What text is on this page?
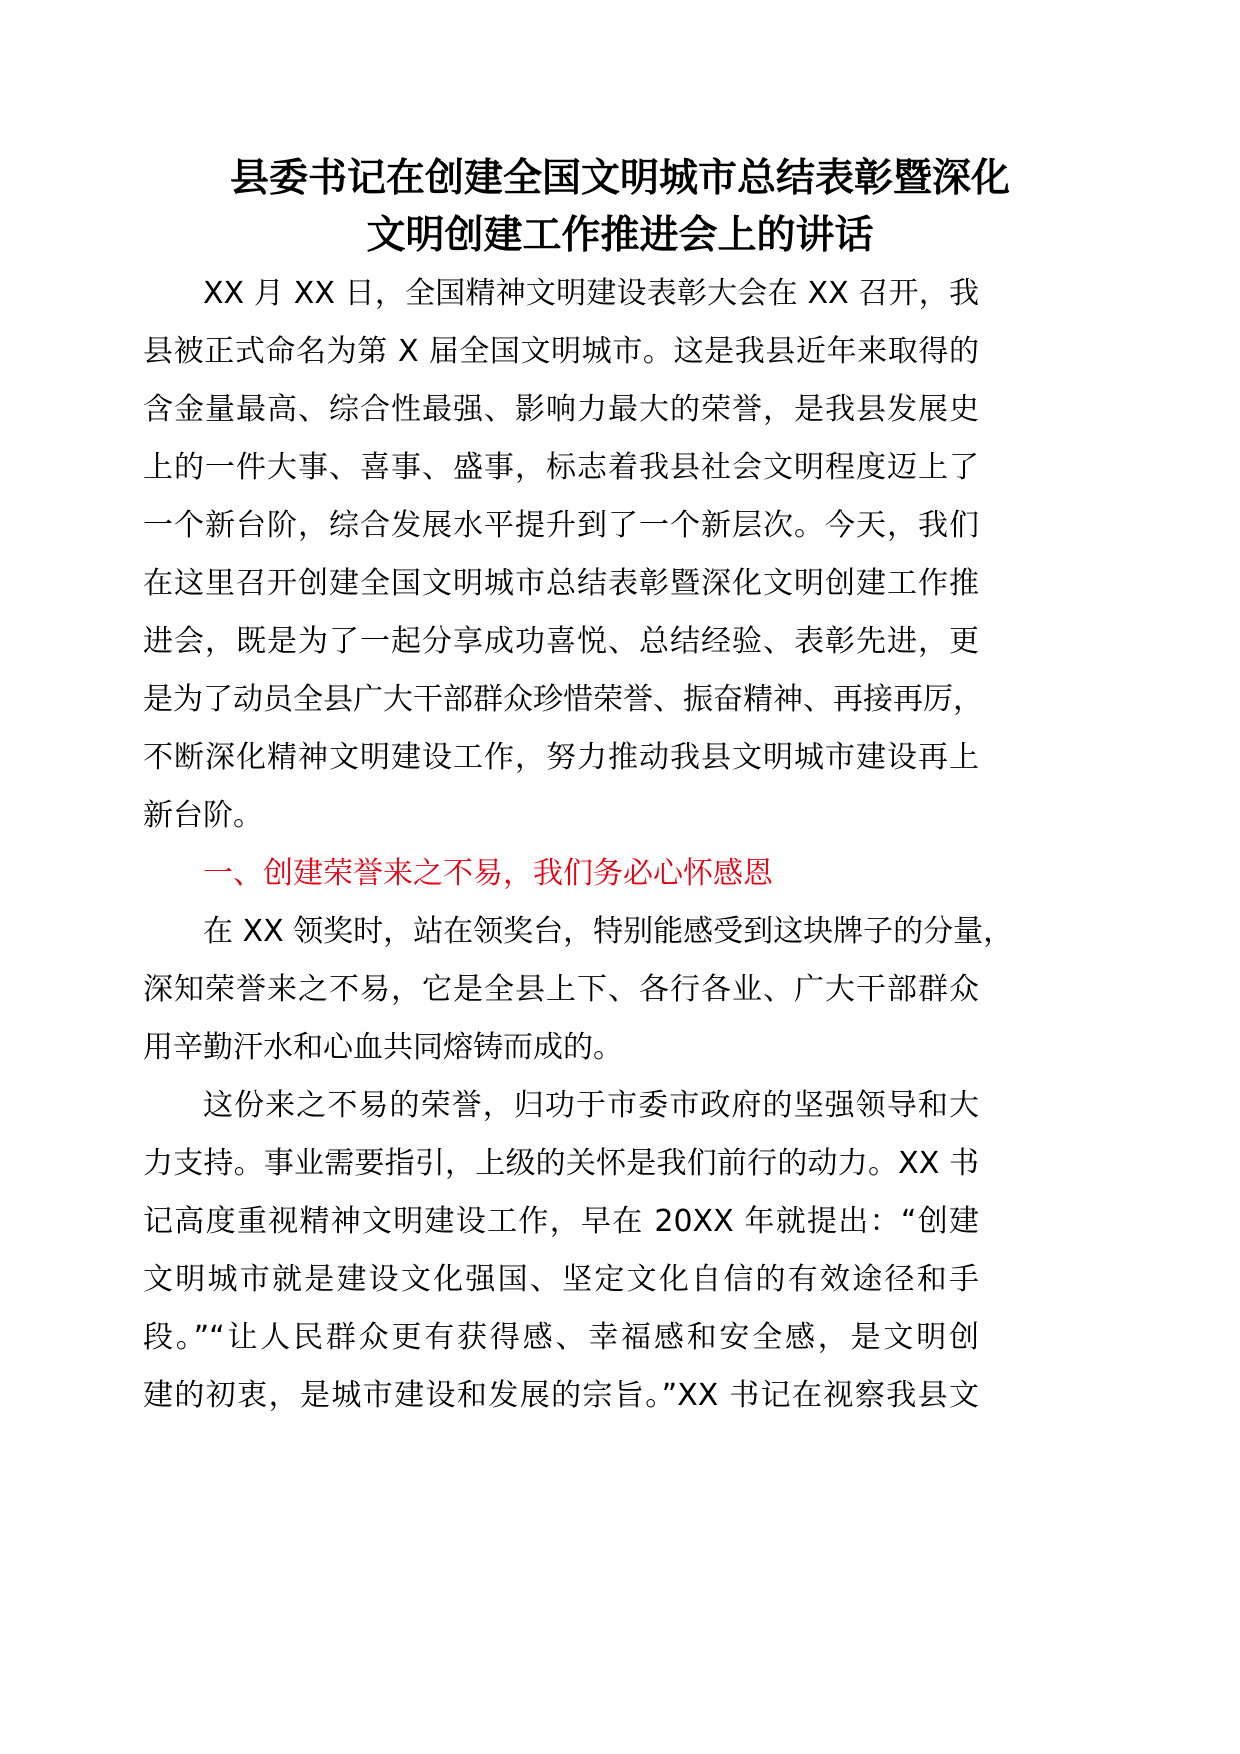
县委书记在创建全国文明城市总结表彰暨深化
文明创建工作推进会上的讲话
XX 月 XX 日，全国精神文明建设表彰大会在 XX 召开，我
县被正式命名为第 X 届全国文明城市。这是我县近年来取得的
含金量最高、综合性最强、影响力最大的荣誉，是我县发展史
上的一件大事、喜事、盛事，标志着我县社会文明程度迈上了
一个新台阶，综合发展水平提升到了一个新层次。今天，我们
在这里召开创建全国文明城市总结表彰暨深化文明创建工作推
进会，既是为了一起分享成功喜悦、总结经验、表彰先进，更
是为了动员全县广大干部群众珍惜荣誉、振奋精神、再接再厉，
不断深化精神文明建设工作，努力推动我县文明城市建设再上
新台阶。
一、创建荣誉来之不易，我们务必心怀感恩
在 XX 领奖时，站在领奖台，特别能感受到这块牌子的分量，
深知荣誉来之不易，它是全县上下、各行各业、广大干部群众
用辛勤汗水和心血共同熔铸而成的。
这份来之不易的荣誉，归功于市委市政府的坚强领导和大
力支持。事业需要指引，上级的关怀是我们前行的动力。XX 书
记高度重视精神文明建设工作，早在 20XX 年就提出：“创建
文明城市就是建设文化强国、坚定文化自信的有效途径和手
段。”“让人民群众更有获得感、幸福感和安全感，是文明创
建的初衷，是城市建设和发展的宗旨。”XX 书记在视察我县文
